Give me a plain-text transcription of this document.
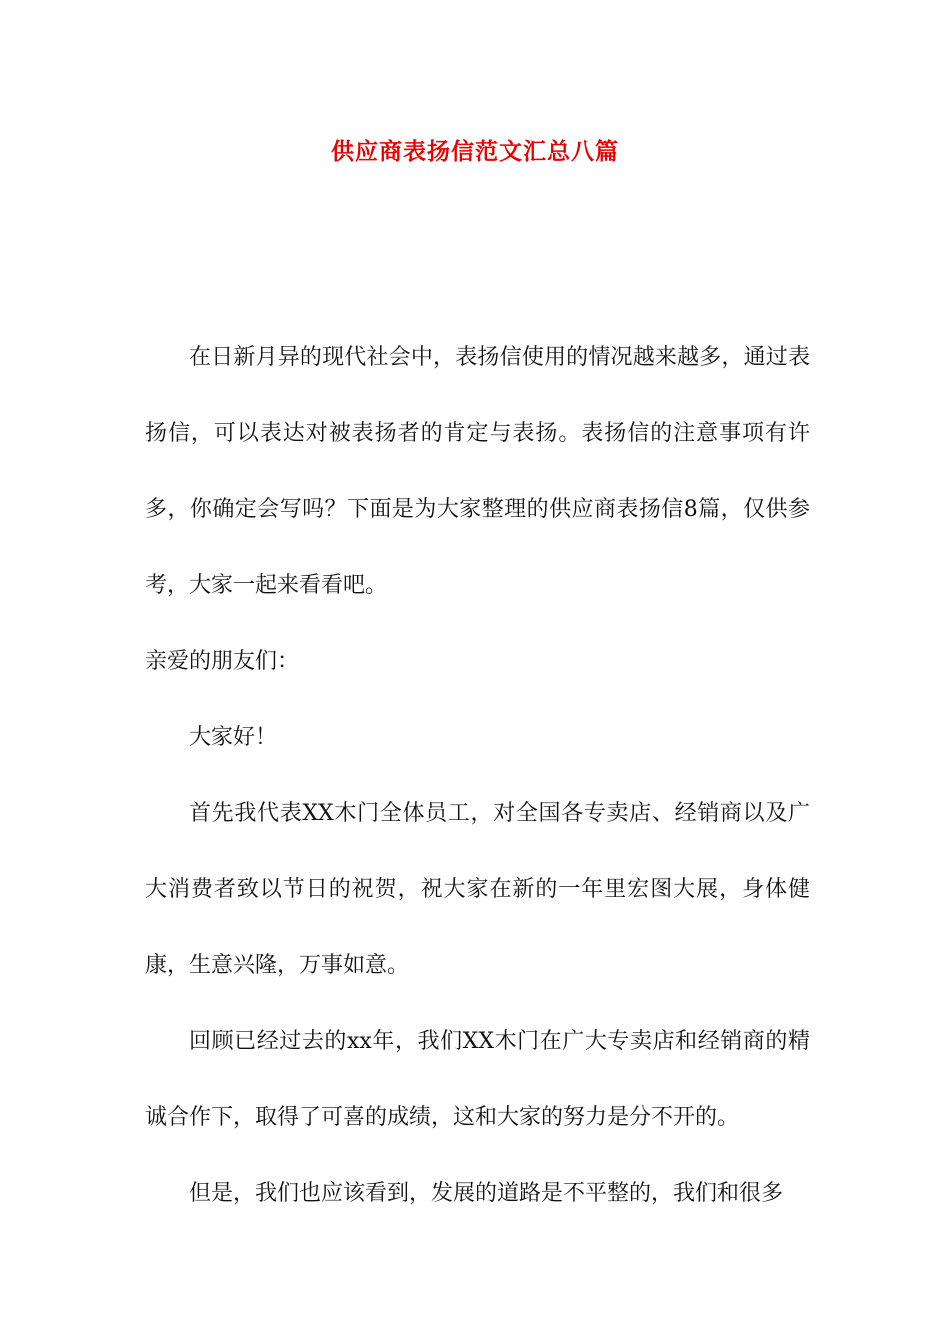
供应商表扬信范文汇总八篇

在日新月异的现代社会中，表扬信使用的情况越来越多，通过表扬信，可以表达对被表扬者的肯定与表扬。表扬信的注意事项有许多，你确定会写吗？下面是为大家整理的供应商表扬信8篇，仅供参考，大家一起来看看吧。

亲爱的朋友们：

大家好！

首先我代表XX木门全体员工，对全国各专卖店、经销商以及广大消费者致以节日的祝贺，祝大家在新的一年里宏图大展，身体健康，生意兴隆，万事如意。

回顾已经过去的xx年，我们XX木门在广大专卖店和经销商的精诚合作下，取得了可喜的成绩，这和大家的努力是分不开的。

但是，我们也应该看到，发展的道路是不平整的，我们和很多
